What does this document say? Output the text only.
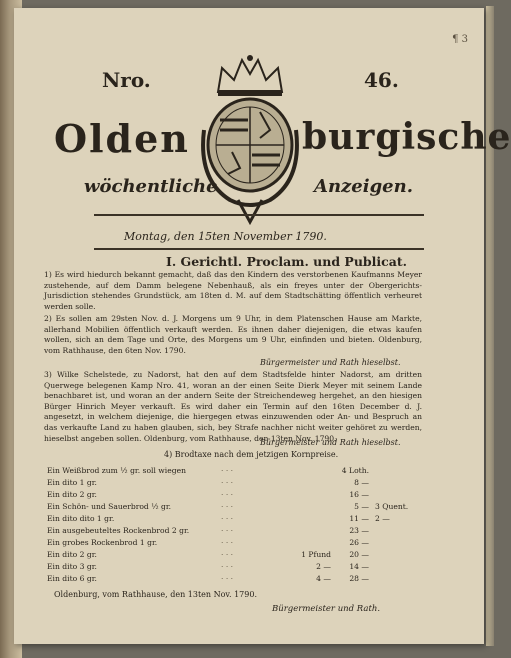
¶ 3
Nro.	46.
Olden	burgische
wöchentliche	Anzeigen.
Montag, den 15ten November 1790.
I. Gerichtl. Proclam. und Publicat.
1) Es wird hiedurch bekannt gemacht, daß das den Kindern des verstorbenen Kaufmanns Meyer zustehende, auf dem Damm belegene Nebenhauß, als ein freyes unter der Obergerichts-Jurisdiction stehendes Grundstück, am 18ten d. M. auf dem Stadtschätting öffentlich verheuret werden solle.
2) Es sollen am 29sten Nov. d. J. Morgens um 9 Uhr, in dem Platenschen Hause am Markte, allerhand Mobilien öffentlich verkauft werden. Es ihnen daher diejenigen, die etwas kaufen wollen, sich an dem Tage und Orte, des Morgens um 9 Uhr, einfinden und bieten. Oldenburg, vom Rathhause, den 6ten Nov. 1790.
Bürgermeister und Rath hieselbst.
3) Wilke Schelstede, zu Nadorst, hat den auf dem Stadtsfelde hinter Nadorst, am dritten Querwege belegenen Kamp Nro. 41, woran an der einen Seite Dierk Meyer mit seinem Lande benachbaret ist, und woran an der andern Seite der Streichendeweg hergehet, an den hiesigen Bürger Hinrich Meyer verkauft. Es wird daher ein Termin auf den 16ten December d. J. angesetzt, in welchem diejenige, die hiergegen etwas einzuwenden oder An- und Bespruch an das verkaufte Land zu haben glauben, sich, bey Strafe nachher nicht weiter gehöret zu werden, hieselbst angeben sollen. Oldenburg, vom Rathhause, den 13ten Nov. 1790.
Bürgermeister und Rath hieselbst.
4) Brodtaxe nach dem jetzigen Kornpreise.
Ein Weißbrod zum ½ gr. soll wiegen	· · ·		4 Loth.	
Ein dito 1 gr.	· · ·		8 —	
Ein dito 2 gr.	· · ·		16 —	
Ein Schön- und Sauerbrod ½ gr.	· · ·		5 —	3 Quent.
Ein dito dito 1 gr.	· · ·		11 —	2 —
Ein ausgebeuteltes Rockenbrod 2 gr.	· · ·		23 —	
Ein grobes Rockenbrod 1 gr.	· · ·		26 —	
Ein dito 2 gr.	· · ·	1 Pfund	20 —	
Ein dito 3 gr.	· · ·	2 —	14 —	
Ein dito 6 gr.	· · ·	4 —	28 —	
Oldenburg, vom Rathhause, den 13ten Nov. 1790.
Bürgermeister und Rath.
